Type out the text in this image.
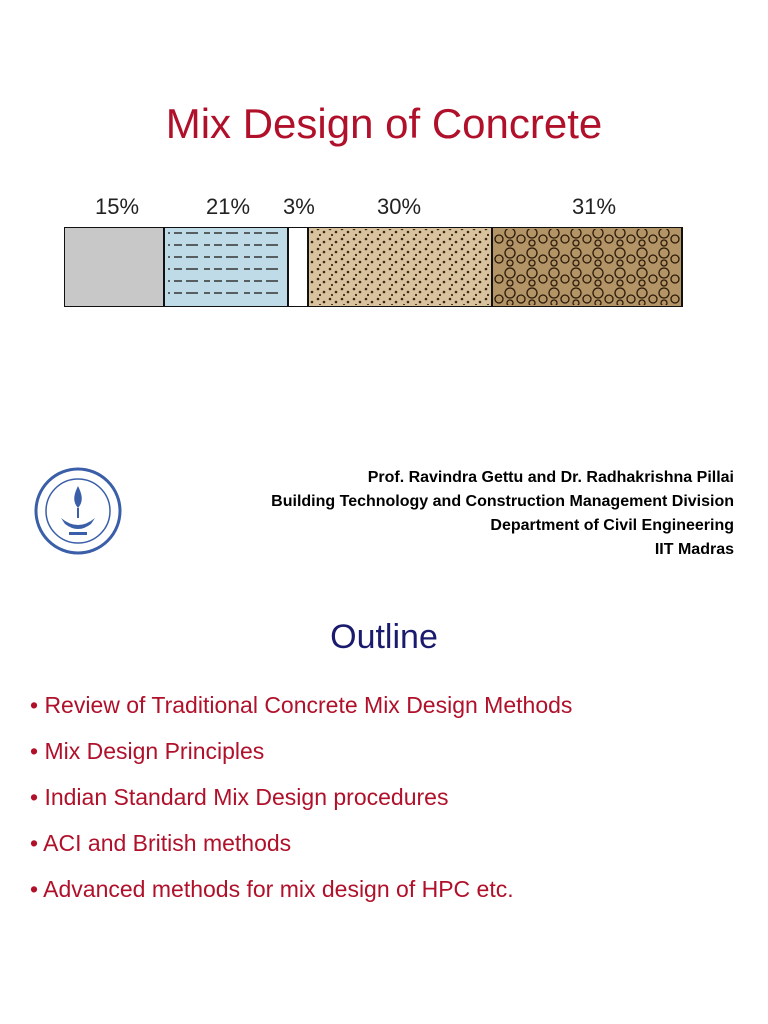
Mix Design of Concrete
15%	21% 3%	30%	31%
Prof. Ravindra Gettu and Dr. Radhakrishna Pillai
Building Technology and Construction Management Division
Department of Civil Engineering
IIT Madras
Outline
• Review of Traditional Concrete Mix Design Methods
• Mix Design Principles
• Indian Standard Mix Design procedures
• ACI and British methods
• Advanced methods for mix design of HPC etc.
